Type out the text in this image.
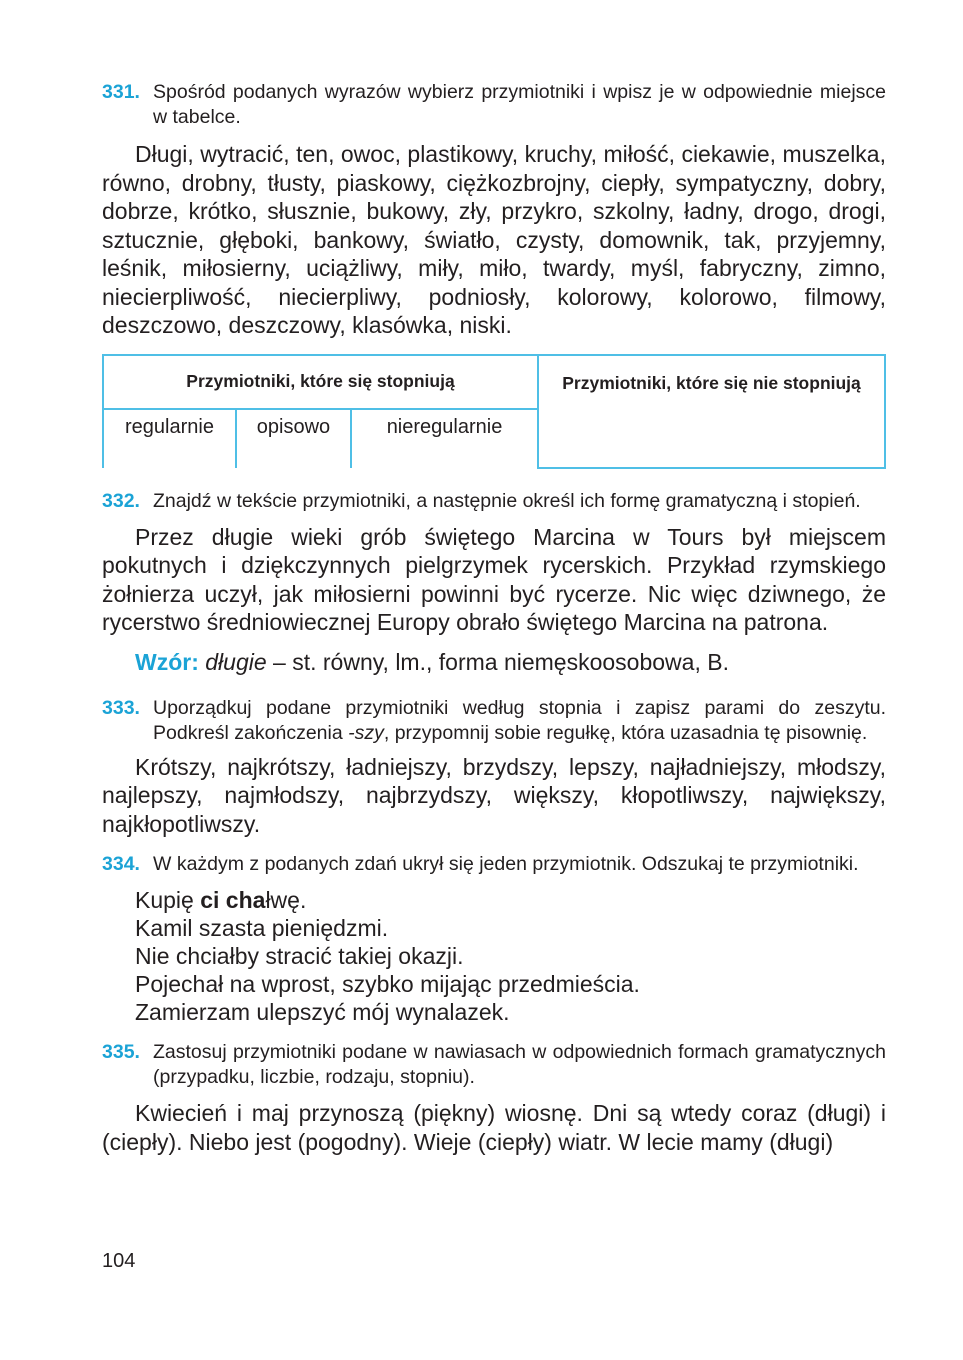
331. Spośród podanych wyrazów wybierz przymiotniki i wpisz je w odpowiednie miejsce w tabelce.
Długi, wytracić, ten, owoc, plastikowy, kruchy, miłość, ciekawie, muszelka, równo, drobny, tłusty, piaskowy, ciężkozbrojny, ciepły, sympatyczny, dobry, dobrze, krótko, słusznie, bukowy, zły, przykro, szkolny, ładny, drogo, drogi, sztucznie, głęboki, bankowy, światło, czysty, domownik, tak, przyjemny, leśnik, miłosierny, uciążliwy, miły, miło, twardy, myśl, fabryczny, zimno, niecierpliwość, niecierpliwy, podniosły, kolorowy, kolorowo, filmowy, deszczowo, deszczowy, klasówka, niski.
Przymiotniki, które się stopniują			Przymiotniki, które się nie stopniują
regularnie	opisowo	nieregularnie	
332. Znajdź w tekście przymiotniki, a następnie określ ich formę gramatyczną i stopień.
Przez długie wieki grób świętego Marcina w Tours był miejscem pokutnych i dziękczynnych pielgrzymek rycerskich. Przykład rzymskiego żołnierza uczył, jak miłosierni powinni być rycerze. Nic więc dziwnego, że rycerstwo średniowiecznej Europy obrało świętego Marcina na patrona.
Wzór: długie – st. równy, lm., forma niemęskoosobowa, B.
333. Uporządkuj podane przymiotniki według stopnia i zapisz parami do zeszytu. Podkreśl zakończenia -szy, przypomnij sobie regułkę, która uzasadnia tę pisownię.
Krótszy, najkrótszy, ładniejszy, brzydszy, lepszy, najładniejszy, młodszy, najlepszy, najmłodszy, najbrzydszy, większy, kłopotliwszy, największy, najkłopotliwszy.
334. W każdym z podanych zdań ukrył się jeden przymiotnik. Odszukaj te przymiotniki.
Kupię ci chałwę.
Kamil szasta pieniędzmi.
Nie chciałby stracić takiej okazji.
Pojechał na wprost, szybko mijając przedmieścia.
Zamierzam ulepszyć mój wynalazek.
335. Zastosuj przymiotniki podane w nawiasach w odpowiednich formach gramatycznych (przypadku, liczbie, rodzaju, stopniu).
Kwiecień i maj przynoszą (piękny) wiosnę. Dni są wtedy coraz (długi) i (ciepły). Niebo jest (pogodny). Wieje (ciepły) wiatr. W lecie mamy (długi)
104
